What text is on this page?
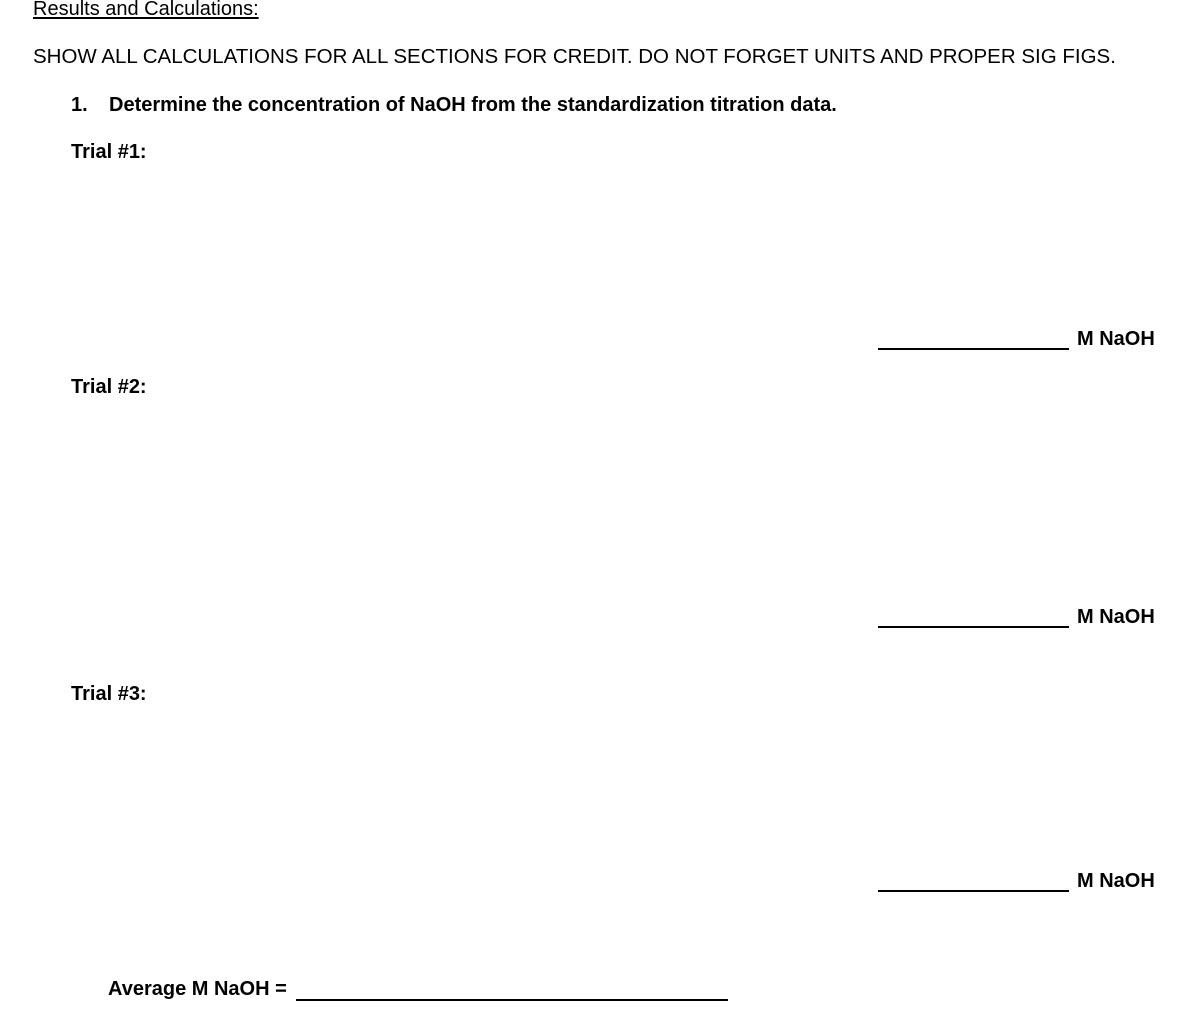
Results and Calculations:
SHOW ALL CALCULATIONS FOR ALL SECTIONS FOR CREDIT. DO NOT FORGET UNITS AND PROPER SIG FIGS.
1. Determine the concentration of NaOH from the standardization titration data.
Trial #1:
M NaOH
Trial #2:
M NaOH
Trial #3:
M NaOH
Average M NaOH =
